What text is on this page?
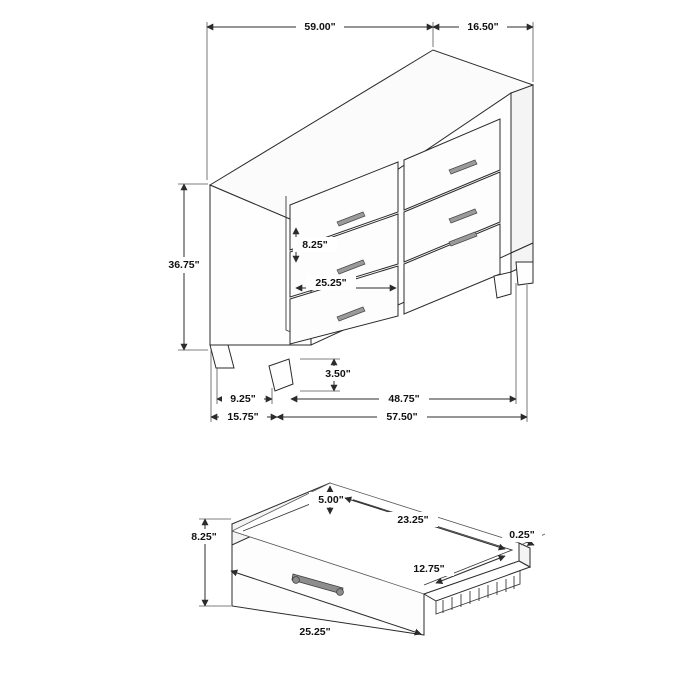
59.00"	16.50"
36.75"
8.25"
25.25"
3.50"
9.25"
15.75"
48.75"
57.50"
5.00"
23.25"
0.25"
12.75"
8.25"
25.25"
